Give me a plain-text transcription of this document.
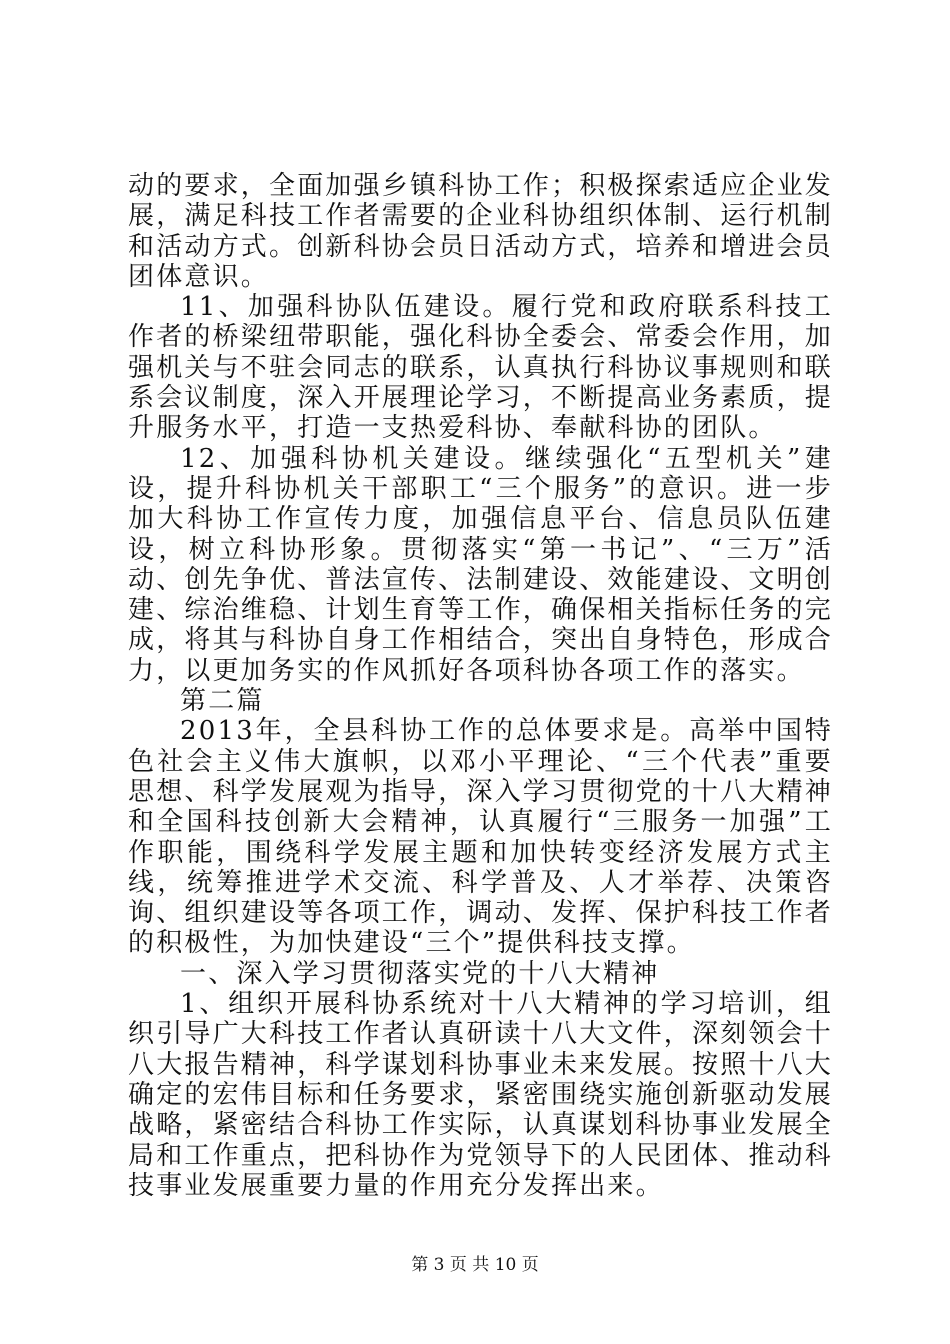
动的要求，全面加强乡镇科协工作；积极探索适应企业发展，满足科技工作者需要的企业科协组织体制、运行机制和活动方式。创新科协会员日活动方式，培养和增进会员团体意识。

11、加强科协队伍建设。履行党和政府联系科技工作者的桥梁纽带职能，强化科协全委会、常委会作用，加强机关与不驻会同志的联系，认真执行科协议事规则和联系会议制度，深入开展理论学习，不断提高业务素质，提升服务水平，打造一支热爱科协、奉献科协的团队。

12、加强科协机关建设。继续强化“五型机关”建设，提升科协机关干部职工“三个服务”的意识。进一步加大科协工作宣传力度，加强信息平台、信息员队伍建设，树立科协形象。贯彻落实“第一书记”、“三万”活动、创先争优、普法宣传、法制建设、效能建设、文明创建、综治维稳、计划生育等工作，确保相关指标任务的完成，将其与科协自身工作相结合，突出自身特色，形成合力，以更加务实的作风抓好各项科协各项工作的落实。

第二篇

2013年，全县科协工作的总体要求是。高举中国特色社会主义伟大旗帜，以邓小平理论、“三个代表”重要思想、科学发展观为指导，深入学习贯彻党的十八大精神和全国科技创新大会精神，认真履行“三服务一加强”工作职能，围绕科学发展主题和加快转变经济发展方式主线，统筹推进学术交流、科学普及、人才举荐、决策咨询、组织建设等各项工作，调动、发挥、保护科技工作者的积极性，为加快建设“三个”提供科技支撑。

一、深入学习贯彻落实党的十八大精神

1、组织开展科协系统对十八大精神的学习培训，组织引导广大科技工作者认真研读十八大文件，深刻领会十八大报告精神，科学谋划科协事业未来发展。按照十八大确定的宏伟目标和任务要求，紧密围绕实施创新驱动发展战略，紧密结合科协工作实际，认真谋划科协事业发展全局和工作重点，把科协作为党领导下的人民团体、推动科技事业发展重要力量的作用充分发挥出来。

第 3 页 共 10 页
